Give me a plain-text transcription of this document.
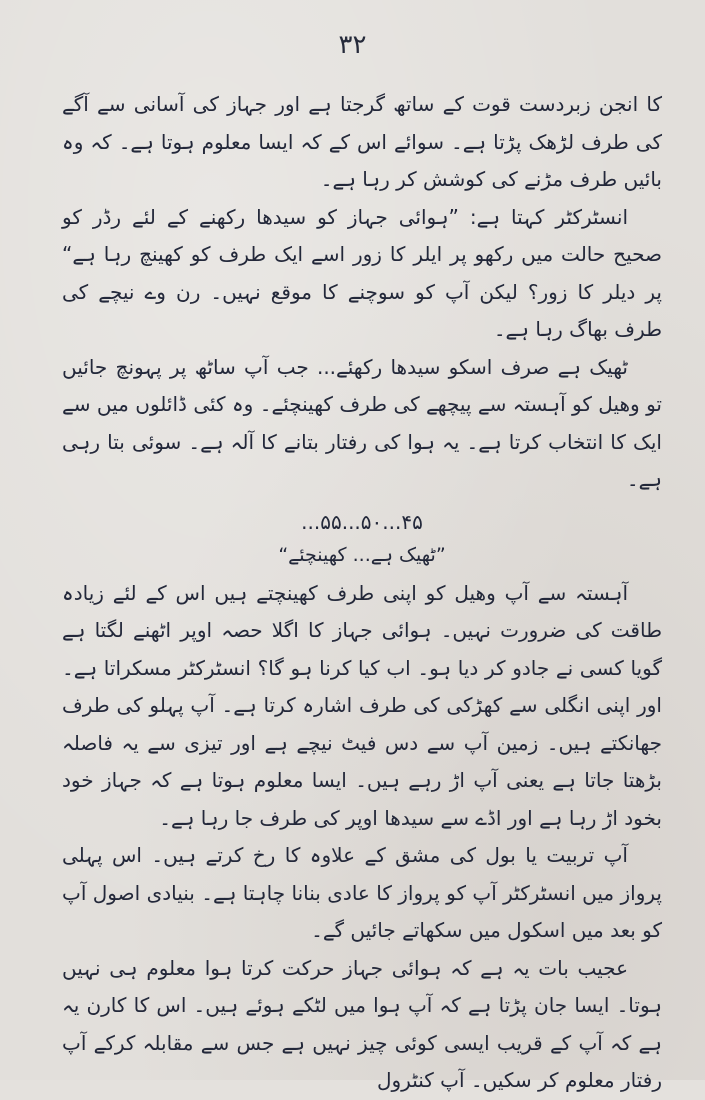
۳۲

کا انجن زبردست قوت کے ساتھ گرجتا ہے اور جہاز کی آسانی سے آگے کی طرف لڑھک پڑتا ہے۔ سوائے اس کے کہ ایسا معلوم ہوتا ہے۔ کہ وہ بائیں طرف مڑنے کی کوشش کر رہا ہے۔

انسٹرکٹر کہتا ہے: ”ہوائی جہاز کو سیدھا رکھنے کے لئے رڈر کو صحیح حالت میں رکھو پر ایلر کا زور اسے ایک طرف کو کھینچ رہا ہے“ پر دیلر کا زور؟ لیکن آپ کو سوچنے کا موقع نہیں۔ رن وے نیچے کی طرف بھاگ رہا ہے۔

ٹھیک ہے صرف اسکو سیدھا رکھئے... جب آپ ساٹھ پر پہونچ جائیں تو وھیل کو آہستہ سے پیچھے کی طرف کھینچئے۔ وہ کئی ڈائلوں میں سے ایک کا انتخاب کرتا ہے۔ یہ ہوا کی رفتار بتانے کا آلہ ہے۔ سوئی بتا رہی ہے۔

...۵۵...۵۰...۴۵

”ٹھیک ہے... کھینچئے“

آہستہ سے آپ وھیل کو اپنی طرف کھینچتے ہیں اس کے لئے زیادہ طاقت کی ضرورت نہیں۔ ہوائی جہاز کا اگلا حصہ اوپر اٹھنے لگتا ہے گویا کسی نے جادو کر دیا ہو۔ اب کیا کرنا ہو گا؟ انسٹرکٹر مسکراتا ہے۔ اور اپنی انگلی سے کھڑکی کی طرف اشارہ کرتا ہے۔ آپ پہلو کی طرف جھانکتے ہیں۔ زمین آپ سے دس فیٹ نیچے ہے اور تیزی سے یہ فاصلہ بڑھتا جاتا ہے یعنی آپ اڑ رہے ہیں۔ ایسا معلوم ہوتا ہے کہ جہاز خود بخود اڑ رہا ہے اور اڈے سے سیدھا اوپر کی طرف جا رہا ہے۔

آپ تربیت یا بول کی مشق کے علاوہ کا رخ کرتے ہیں۔ اس پہلی پرواز میں انسٹرکٹر آپ کو پرواز کا عادی بنانا چاہتا ہے۔ بنیادی اصول آپ کو بعد میں اسکول میں سکھاتے جائیں گے۔

عجیب بات یہ ہے کہ ہوائی جہاز حرکت کرتا ہوا معلوم ہی نہیں ہوتا۔ ایسا جان پڑتا ہے کہ آپ ہوا میں لٹکے ہوئے ہیں۔ اس کا کارن یہ ہے کہ آپ کے قریب ایسی کوئی چیز نہیں ہے جس سے مقابلہ کرکے آپ رفتار معلوم کر سکیں۔ آپ کنٹرول
